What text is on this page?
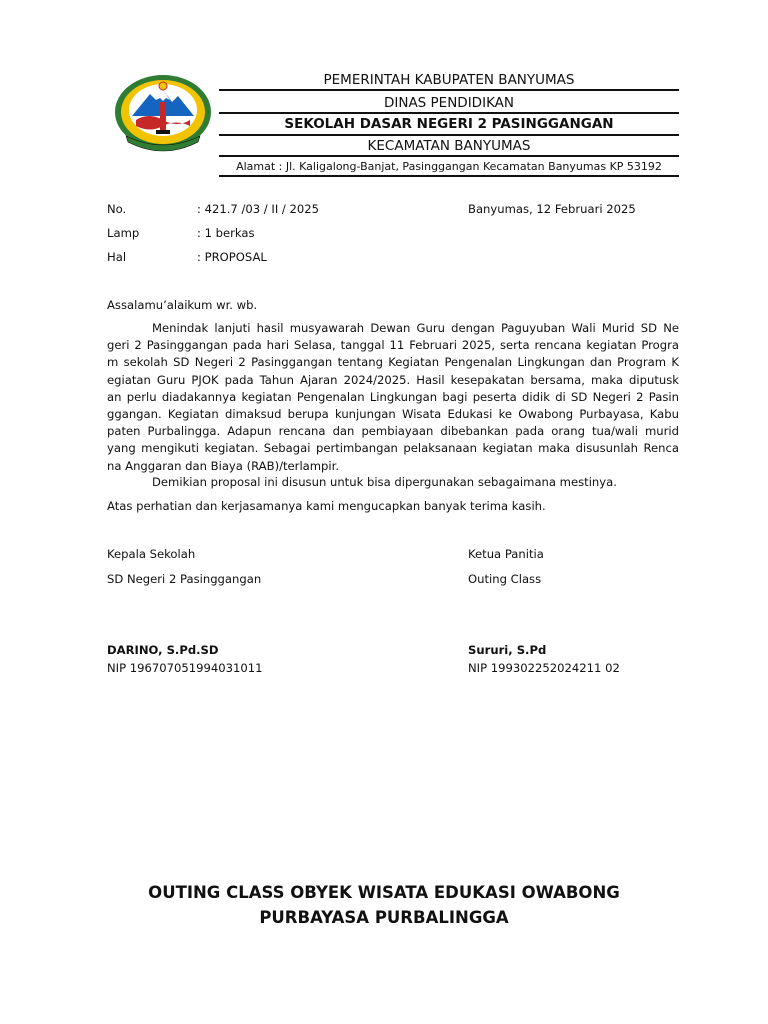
PEMERINTAH KABUPATEN BANYUMAS
DINAS PENDIDIKAN
SEKOLAH DASAR NEGERI 2 PASINGGANGAN
KECAMATAN BANYUMAS
Alamat : Jl. Kaligalong-Banjat, Pasinggangan Kecamatan Banyumas KP 53192
No.	: 421.7 /03 / II / 2025	Banyumas, 12 Februari 2025
Lamp	: 1 berkas
Hal	: PROPOSAL
Assalamu’alaikum wr. wb.
Menindak lanjuti hasil musyawarah Dewan Guru dengan Paguyuban Wali Murid SD Ne
geri 2 Pasinggangan pada hari Selasa, tanggal 11 Februari 2025, serta rencana kegiatan Progra
m sekolah SD Negeri 2 Pasinggangan tentang Kegiatan Pengenalan Lingkungan dan Program K
egiatan Guru PJOK pada Tahun Ajaran 2024/2025. Hasil kesepakatan bersama, maka diputusk
an perlu diadakannya kegiatan Pengenalan Lingkungan bagi peserta didik di SD Negeri 2 Pasin
ggangan. Kegiatan dimaksud berupa kunjungan Wisata Edukasi ke Owabong Purbayasa, Kabu
paten Purbalingga. Adapun rencana dan pembiayaan dibebankan pada orang tua/wali murid
yang mengikuti kegiatan. Sebagai pertimbangan pelaksanaan kegiatan maka disusunlah Renca
na Anggaran dan Biaya (RAB)/terlampir.
Demikian proposal ini disusun untuk bisa dipergunakan sebagaimana mestinya.
Atas perhatian dan kerjasamanya kami mengucapkan banyak terima kasih.
Kepala Sekolah	Ketua Panitia
SD Negeri 2 Pasinggangan	Outing Class
DARINO, S.Pd.SD	Sururi, S.Pd
NIP 196707051994031011	NIP 199302252024211 02
OUTING CLASS OBYEK WISATA EDUKASI OWABONG
PURBAYASA PURBALINGGA
